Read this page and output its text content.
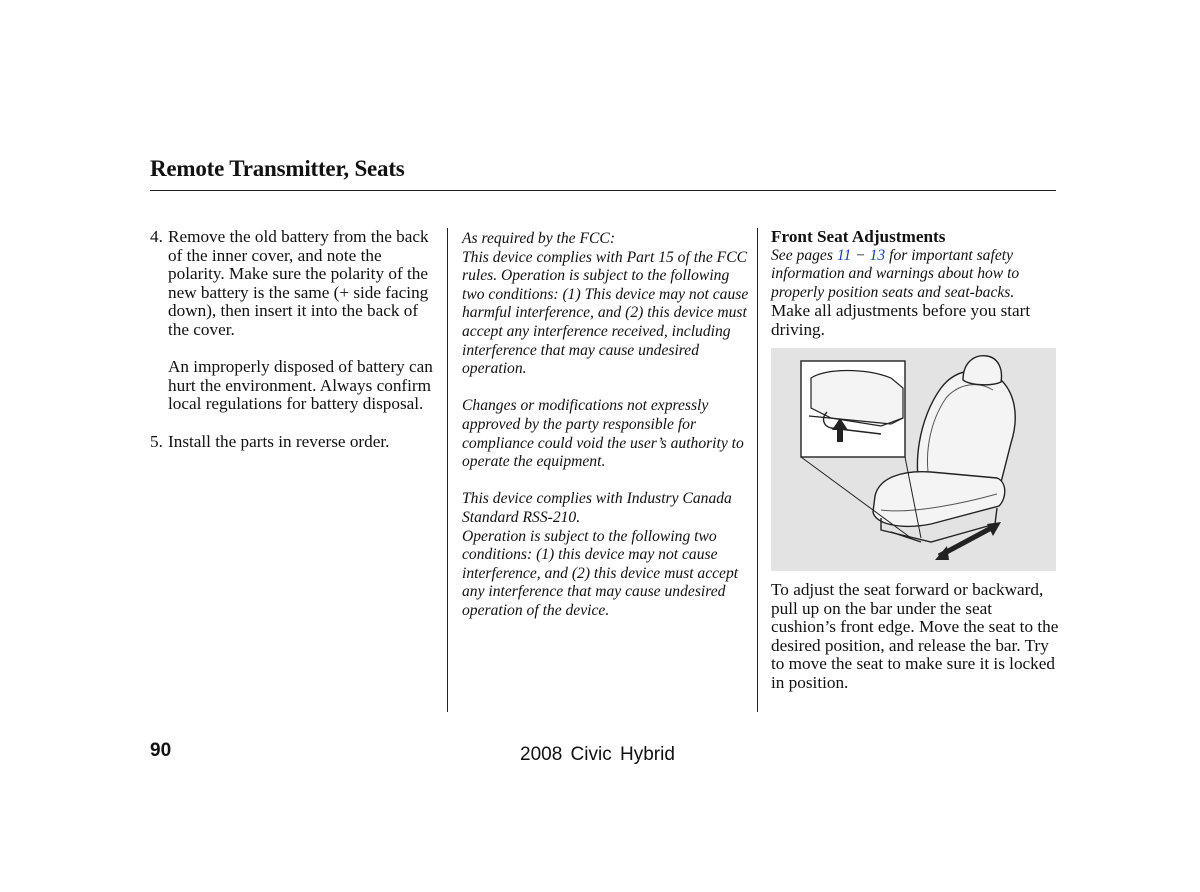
Remote Transmitter, Seats
4. Remove the old battery from the back of the inner cover, and note the polarity. Make sure the polarity of the new battery is the same (+ side facing down), then insert it into the back of the cover.
An improperly disposed of battery can hurt the environment. Always confirm local regulations for battery disposal.
5. Install the parts in reverse order.

As required by the FCC:

This device complies with Part 15 of the FCC rules. Operation is subject to the following two conditions: (1) This device may not cause harmful interference, and (2) this device must accept any interference received, including interference that may cause undesired operation.

Changes or modifications not expressly approved by the party responsible for compliance could void the user’s authority to operate the equipment.

This device complies with Industry Canada Standard RSS-210.

Operation is subject to the following two conditions: (1) this device may not cause interference, and (2) this device must accept any interference that may cause undesired operation of the device.

Front Seat Adjustments
See pages 11 − 13 for important safety information and warnings about how to properly position seats and seat-backs.
Make all adjustments before you start driving.
To adjust the seat forward or backward, pull up on the bar under the seat cushion’s front edge. Move the seat to the desired position, and release the bar. Try to move the seat to make sure it is locked in position.
90	2008 Civic Hybrid
